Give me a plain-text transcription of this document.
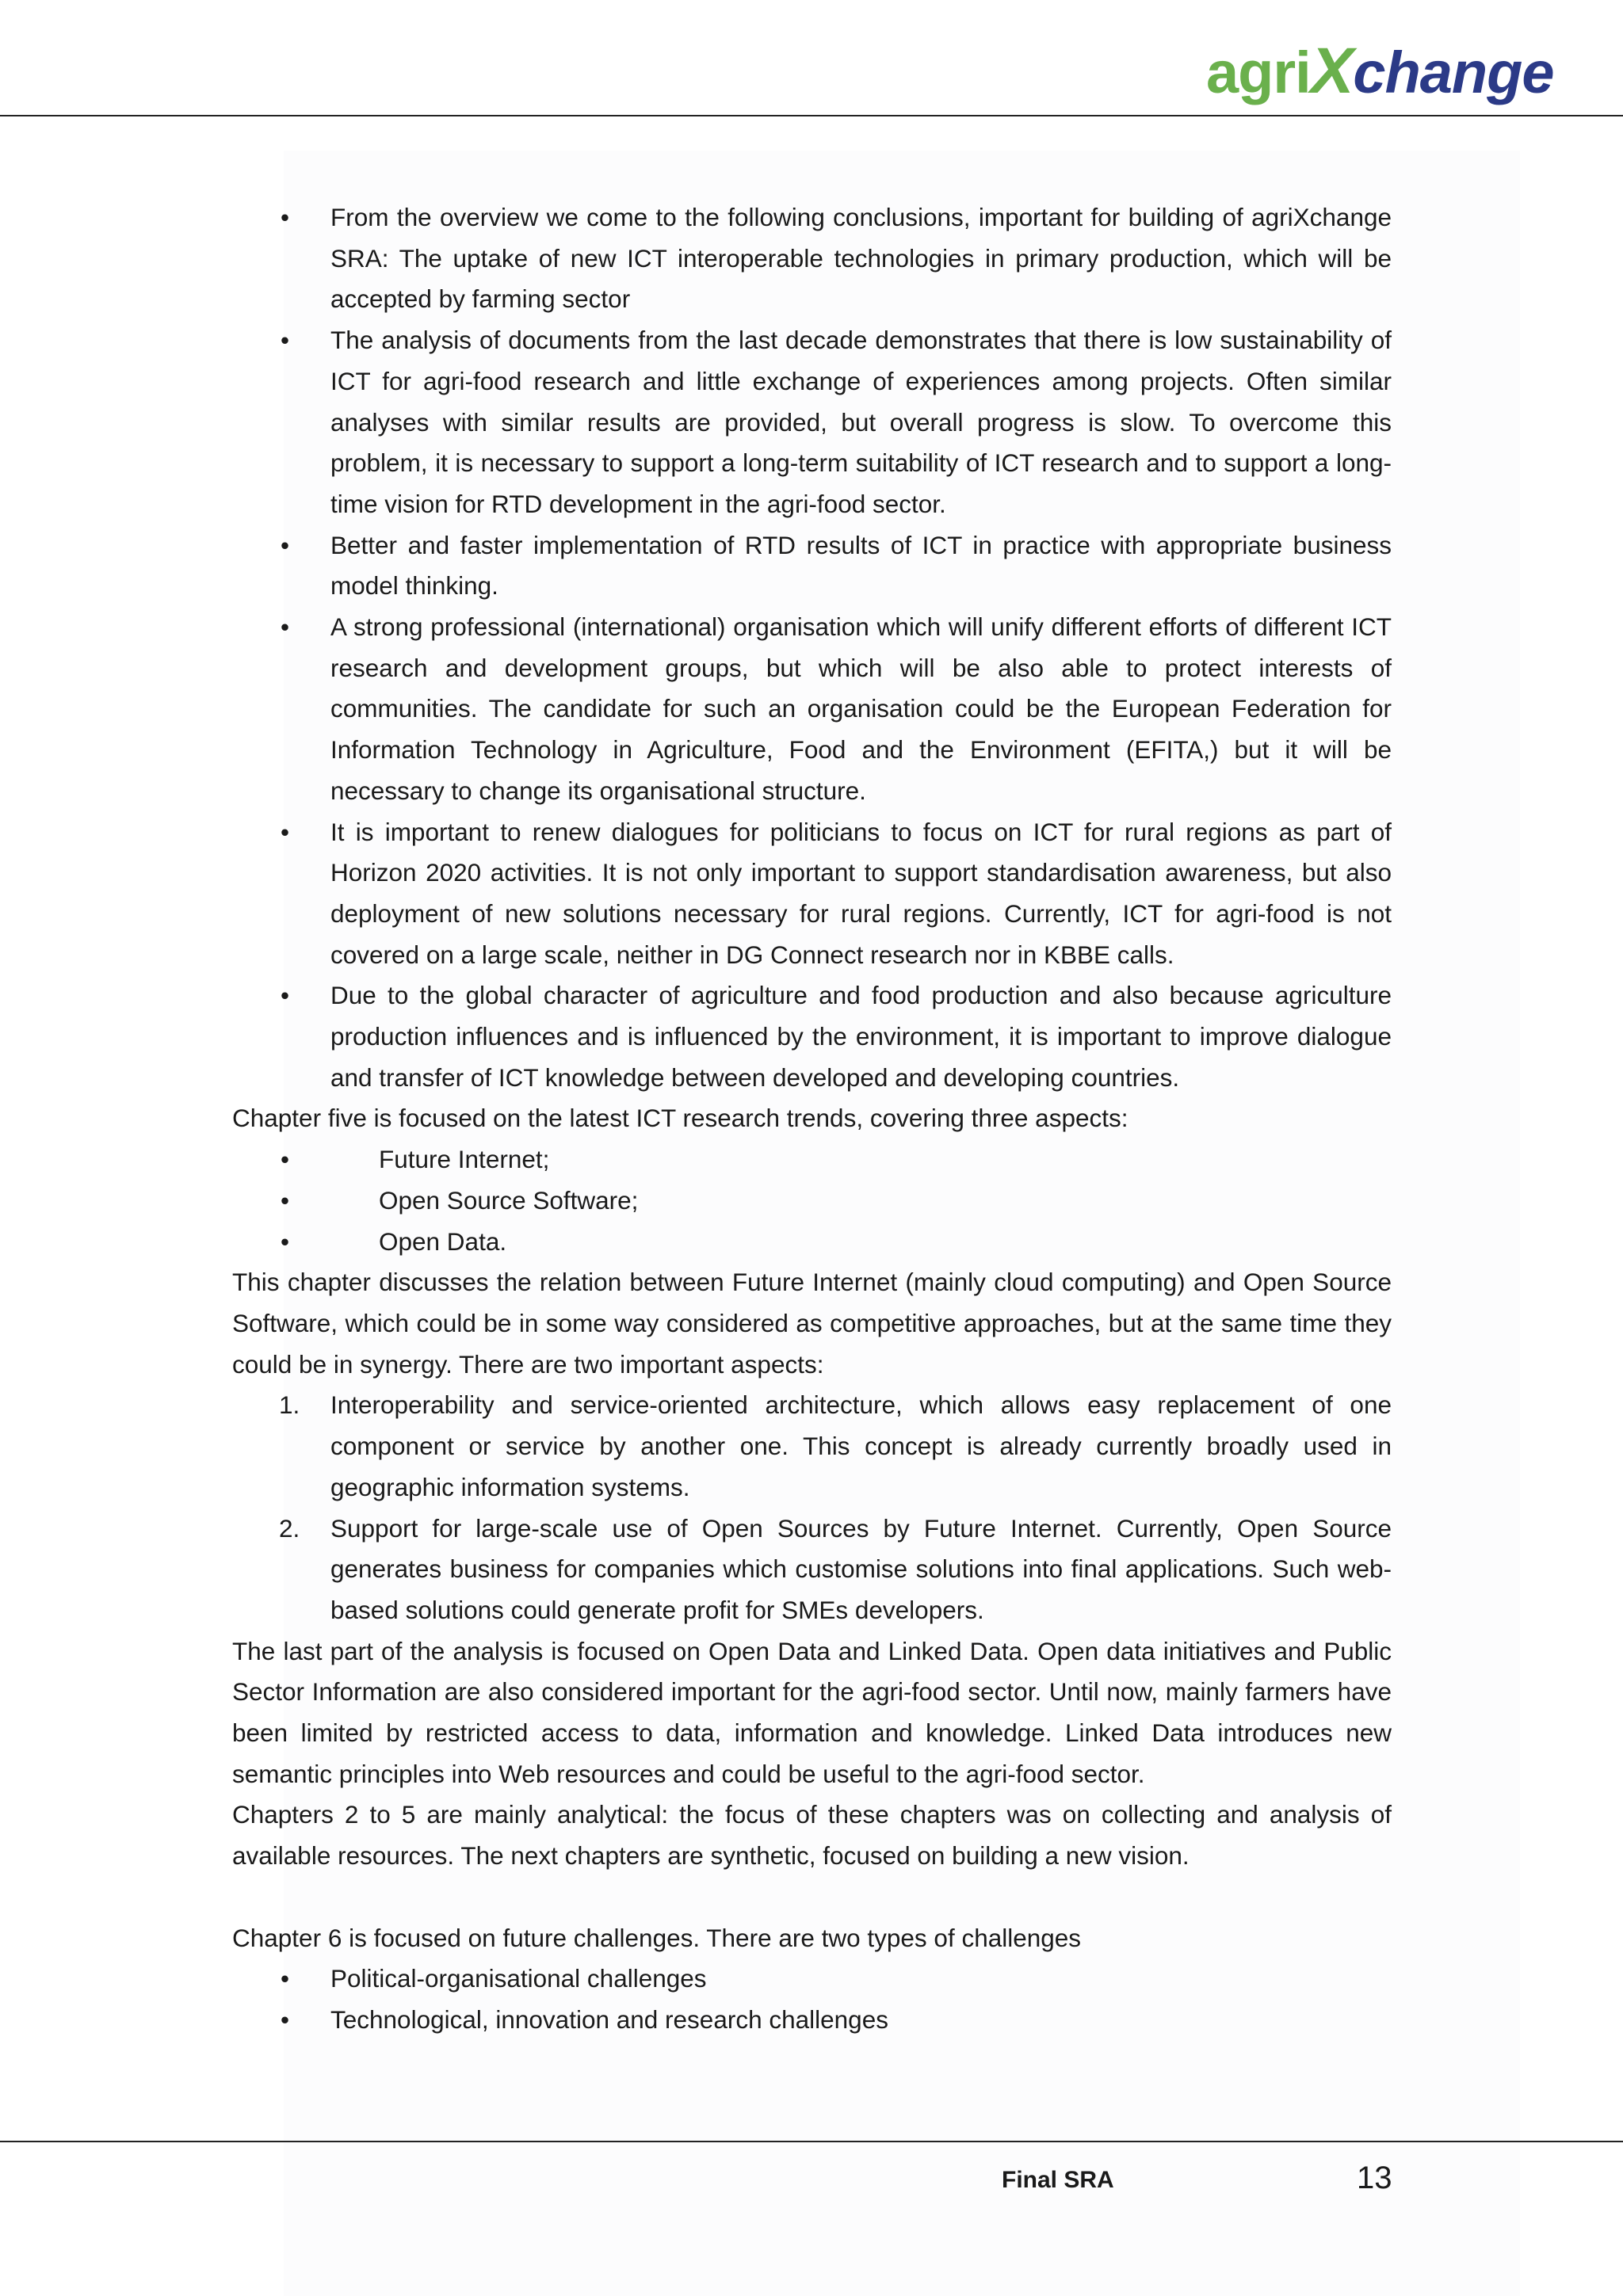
agriXchange
• From the overview we come to the following conclusions, important for building of agriXchange SRA: The uptake of new ICT interoperable technologies in primary production, which will be accepted by farming sector
• The analysis of documents from the last decade demonstrates that there is low sustainability of ICT for agri-food research and little exchange of experiences among projects. Often similar analyses with similar results are provided, but overall progress is slow. To overcome this problem, it is necessary to support a long-term suitability of ICT research and to support a long-time vision for RTD development in the agri-food sector.
• Better and faster implementation of RTD results of ICT in practice with appropriate business model thinking.
• A strong professional (international) organisation which will unify different efforts of different ICT research and development groups, but which will be also able to protect interests of communities. The candidate for such an organisation could be the European Federation for Information Technology in Agriculture, Food and the Environment (EFITA,) but it will be necessary to change its organisational structure.
• It is important to renew dialogues for politicians to focus on ICT for rural regions as part of Horizon 2020 activities. It is not only important to support standardisation awareness, but also deployment of new solutions necessary for rural regions. Currently, ICT for agri-food is not covered on a large scale, neither in DG Connect research nor in KBBE calls.
• Due to the global character of agriculture and food production and also because agriculture production influences and is influenced by the environment, it is important to improve dialogue and transfer of ICT knowledge between developed and developing countries.

Chapter five is focused on the latest ICT research trends, covering three aspects:

•	Future Internet;
•	Open Source Software;
•	Open Data.

This chapter discusses the relation between Future Internet (mainly cloud computing) and Open Source Software, which could be in some way considered as competitive approaches, but at the same time they could be in synergy. There are two important aspects:

1. Interoperability and service-oriented architecture, which allows easy replacement of one component or service by another one. This concept is already currently broadly used in geographic information systems.
2. Support for large-scale use of Open Sources by Future Internet. Currently, Open Source generates business for companies which customise solutions into final applications. Such web-based solutions could generate profit for SMEs developers.

The last part of the analysis is focused on Open Data and Linked Data. Open data initiatives and Public Sector Information are also considered important for the agri-food sector. Until now, mainly farmers have been limited by restricted access to data, information and knowledge. Linked Data introduces new semantic principles into Web resources and could be useful to the agri-food sector.

Chapters 2 to 5 are mainly analytical: the focus of these chapters was on collecting and analysis of available resources. The next chapters are synthetic, focused on building a new vision.

Chapter 6 is focused on future challenges. There are two types of challenges

• Political-organisational challenges
• Technological, innovation and research challenges
Final SRA	13
